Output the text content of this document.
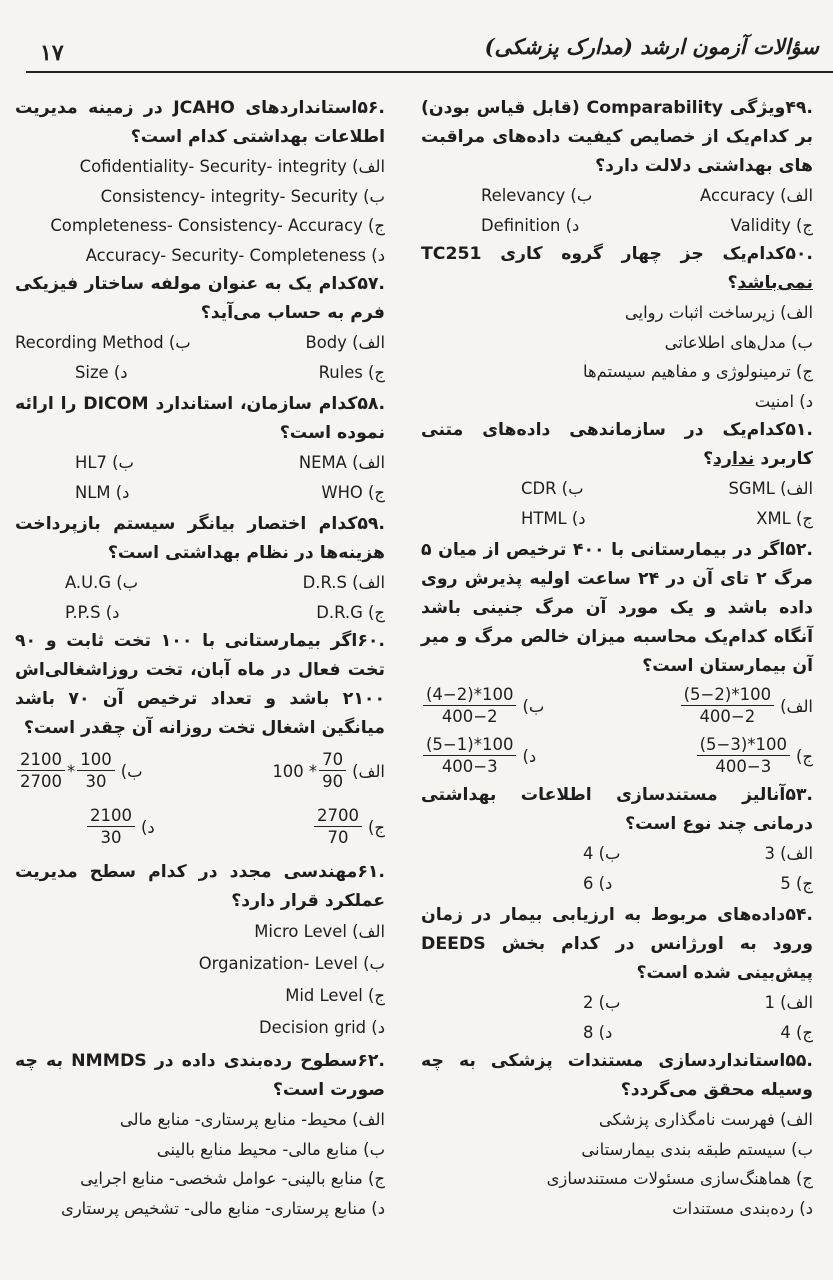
سؤالات آزمون ارشد (مدارک پزشکی)
۱۷

.۴۹ویژگی Comparability (قابل قیاس بودن) بر کدام‌یک از خصایص کیفیت داده‌های مراقبت های بهداشتی دلالت دارد؟

الف) Accuracy
ب) Relevancy
ج) Validity
د) Definition

.۵۰کدام‌یک جز چهار گروه کاری TC251 نمی‌باشد؟

الف) زیرساخت اثبات روایی
ب) مدل‌های اطلاعاتی
ج) ترمینولوژی و مفاهیم سیستم‌ها
د) امنیت

.۵۱کدام‌یک در سازماندهی داده‌های متنی کاربرد ندارد؟

الف) SGML
ب) CDR
ج) XML
د) HTML

.۵۲اگر در بیمارستانی با ۴۰۰ ترخیص از میان ۵ مرگ ۲ تای آن در ۲۴ ساعت اولیه پذیرش روی داده باشد و یک مورد آن مرگ جنینی باشد آنگاه کدام‌یک محاسبه میزان خالص مرگ و میر آن بیمارستان است؟

الف)
$\frac{(5-2)*100}{400-2}$
ب)
$\frac{(4-2)*100}{400-2}$
ج)
$\frac{(5-3)*100}{400-3}$
د)
$\frac{(5-1)*100}{400-3}$

.۵۳آنالیز مستندسازی اطلاعات بهداشتی درمانی چند نوع است؟

الف) 3
ب) 4
ج) 5
د) 6

.۵۴داده‌های مربوط به ارزیابی بیمار در زمان ورود به اورژانس در کدام بخش DEEDS پیش‌بینی شده است؟

الف) 1
ب) 2
ج) 4
د) 8

.۵۵استانداردسازی مستندات پزشکی به چه وسیله محقق می‌گردد؟

الف) فهرست نامگذاری پزشکی
ب) سیستم طبقه بندی بیمارستانی
ج) هماهنگ‌سازی مسئولات مستندسازی
د) رده‌بندی مستندات

.۵۶استانداردهای JCAHO در زمینه مدیریت اطلاعات بهداشتی کدام است؟

الف) Cofidentiality- Security- integrity
ب) Consistency- integrity- Security
ج) Completeness- Consistency- Accuracy
د) Accuracy- Security- Completeness

.۵۷کدام یک به عنوان مولفه ساختار فیزیکی فرم به حساب می‌آید؟

الف) Body
ب) Recording Method
ج) Rules
د) Size

.۵۸کدام سازمان، استاندارد DICOM را ارائه نموده است؟

الف) NEMA
ب) HL7
ج) WHO
د) NLM

.۵۹کدام اختصار بیانگر سیستم بازپرداخت هزینه‌ها در نظام بهداشتی است؟

الف) D.R.S
ب) A.U.G
ج) D.R.G
د) P.P.S

.۶۰اگر بیمارستانی با ۱۰۰ تخت ثابت و ۹۰ تخت فعال در ماه آبان، تخت روزاشغالی‌اش ۲۱۰۰ باشد و تعداد ترخیص آن ۷۰ باشد میانگین اشغال تخت روزانه آن چقدر است؟

الف)
$100 * \frac{70}{90}$
ب)
$\frac{2100}{2700} * \frac{100}{30}$
ج)
$\frac{2700}{70}$
د)
$\frac{2100}{30}$

.۶۱مهندسی مجدد در کدام سطح مدیریت عملکرد قرار دارد؟

الف) Micro Level
ب) Organization- Level
ج) Mid Level
د) Decision grid

.۶۲سطوح رده‌بندی داده در NMMDS به چه صورت است؟

الف) محیط- منابع پرستاری- منابع مالی
ب) منابع مالی- محیط منابع بالینی
ج) منابع بالینی- عوامل شخصی- منابع اجرایی
د) منابع پرستاری- منابع مالی- تشخیص پرستاری
